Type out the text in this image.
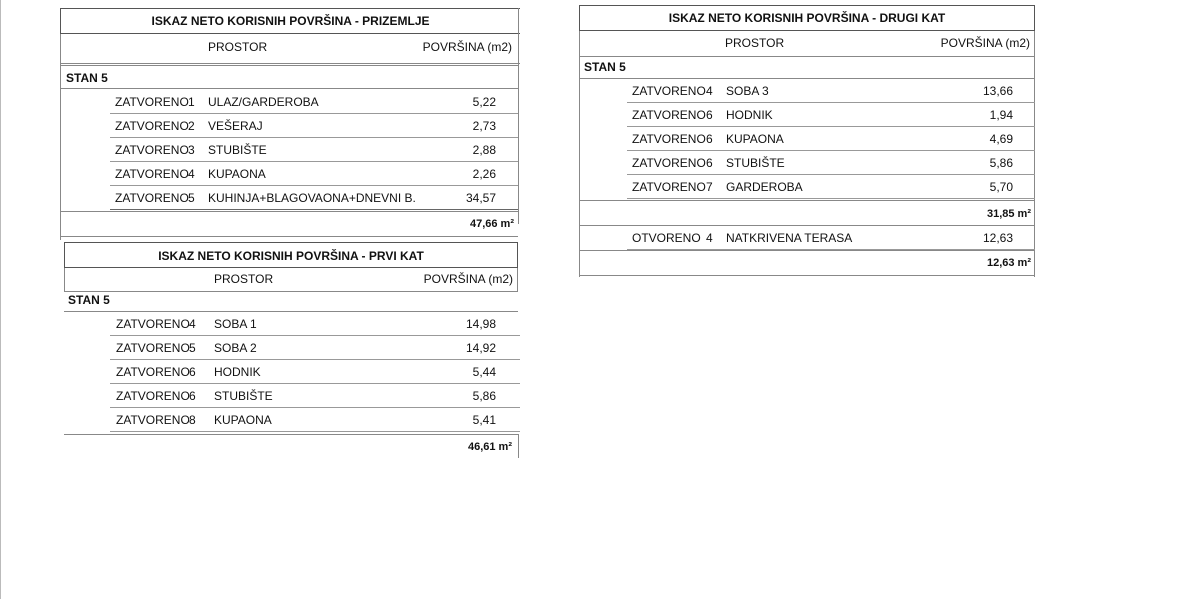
ISKAZ NETO KORISNIH POVRŠINA - PRIZEMLJE
PROSTOR	POVRŠINA (m2)
STAN 5
ZATVORENO 1 ULAZ/GARDEROBA	5,22
ZATVORENO 2 VEŠERAJ	2,73
ZATVORENO 3 STUBIŠTE	2,88
ZATVORENO 4 KUPAONA	2,26
ZATVORENO 5 KUHINJA+BLAGOVAONA+DNEVNI B.	34,57
47,66 m²
ISKAZ NETO KORISNIH POVRŠINA - PRVI KAT
PROSTOR	POVRŠINA (m2)
STAN 5
ZATVORENO 4 SOBA 1	14,98
ZATVORENO 5 SOBA 2	14,92
ZATVORENO 6 HODNIK	5,44
ZATVORENO 6 STUBIŠTE	5,86
ZATVORENO 8 KUPAONA	5,41
46,61 m²
ISKAZ NETO KORISNIH POVRŠINA - DRUGI KAT
PROSTOR	POVRŠINA (m2)
STAN 5
ZATVORENO 4 SOBA 3	13,66
ZATVORENO 6 HODNIK	1,94
ZATVORENO 6 KUPAONA	4,69
ZATVORENO 6 STUBIŠTE	5,86
ZATVORENO 7 GARDEROBA	5,70
31,85 m²
OTVORENO 4 NATKRIVENA TERASA	12,63
12,63 m²
